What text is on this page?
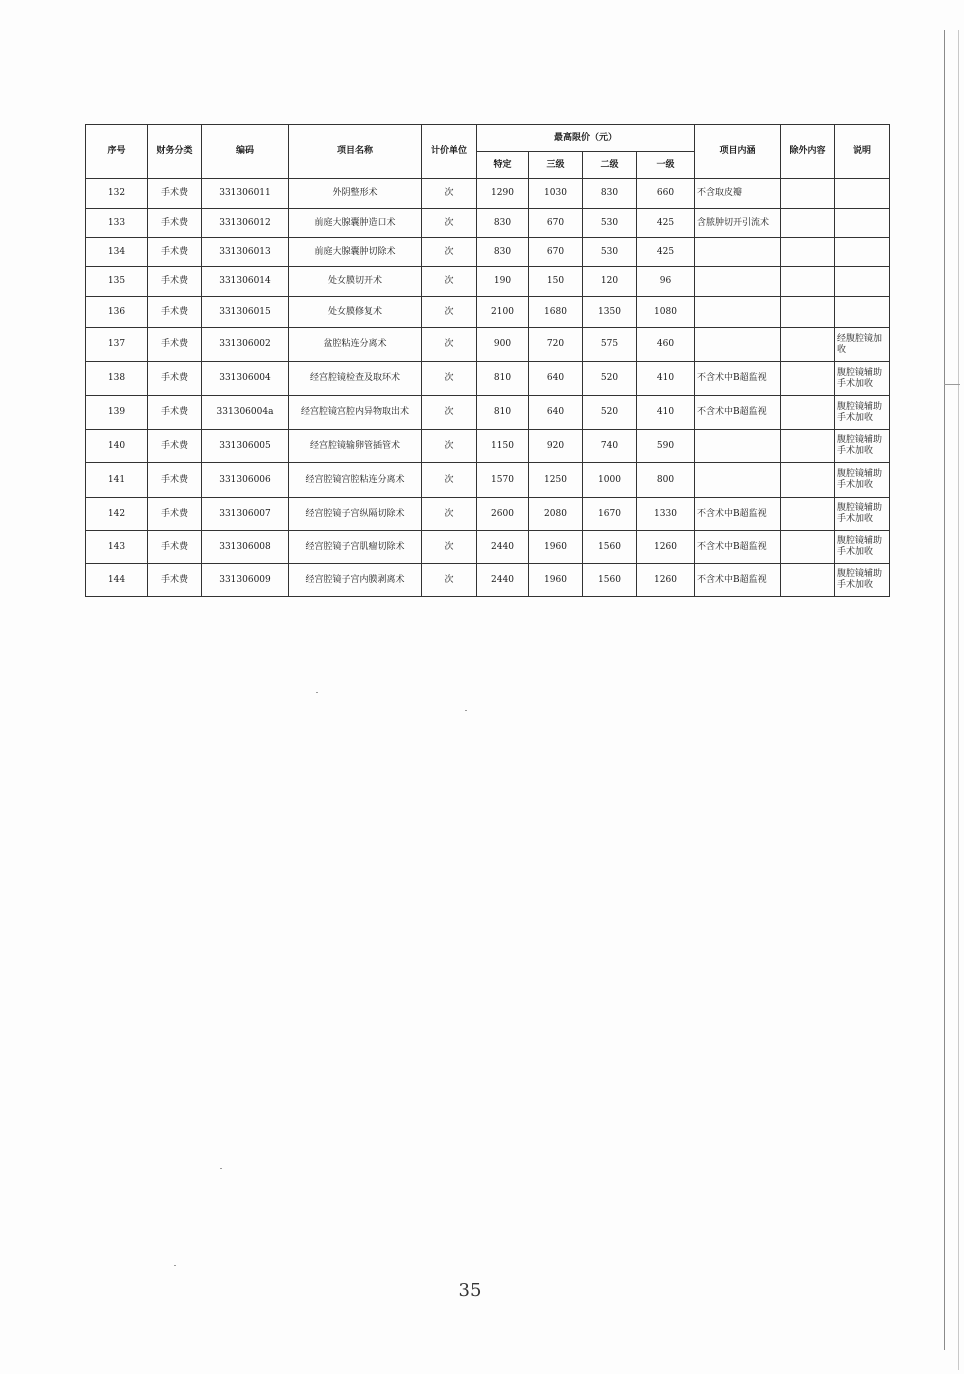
序号	财务分类	编码	项目名称	计价单位	最高限价（元）				项目内涵	除外内容	说明
					特定	三级	二级	一级			
132	手术费	331306011	外阴整形术	次	1290	1030	830	660	不含取皮瓣		
133	手术费	331306012	前庭大腺囊肿造口术	次	830	670	530	425	含脓肿切开引流术		
134	手术费	331306013	前庭大腺囊肿切除术	次	830	670	530	425			
135	手术费	331306014	处女膜切开术	次	190	150	120	96			
136	手术费	331306015	处女膜修复术	次	2100	1680	1350	1080			
137	手术费	331306002	盆腔粘连分离术	次	900	720	575	460			经腹腔镜加收
138	手术费	331306004	经宫腔镜检查及取环术	次	810	640	520	410	不含术中B超监视		腹腔镜辅助手术加收
139	手术费	331306004a	经宫腔镜宫腔内异物取出术	次	810	640	520	410	不含术中B超监视		腹腔镜辅助手术加收
140	手术费	331306005	经宫腔镜输卵管插管术	次	1150	920	740	590			腹腔镜辅助手术加收
141	手术费	331306006	经宫腔镜宫腔粘连分离术	次	1570	1250	1000	800			腹腔镜辅助手术加收
142	手术费	331306007	经宫腔镜子宫纵隔切除术	次	2600	2080	1670	1330	不含术中B超监视		腹腔镜辅助手术加收
143	手术费	331306008	经宫腔镜子宫肌瘤切除术	次	2440	1960	1560	1260	不含术中B超监视		腹腔镜辅助手术加收
144	手术费	331306009	经宫腔镜子宫内膜剥离术	次	2440	1960	1560	1260	不含术中B超监视		腹腔镜辅助手术加收
35
